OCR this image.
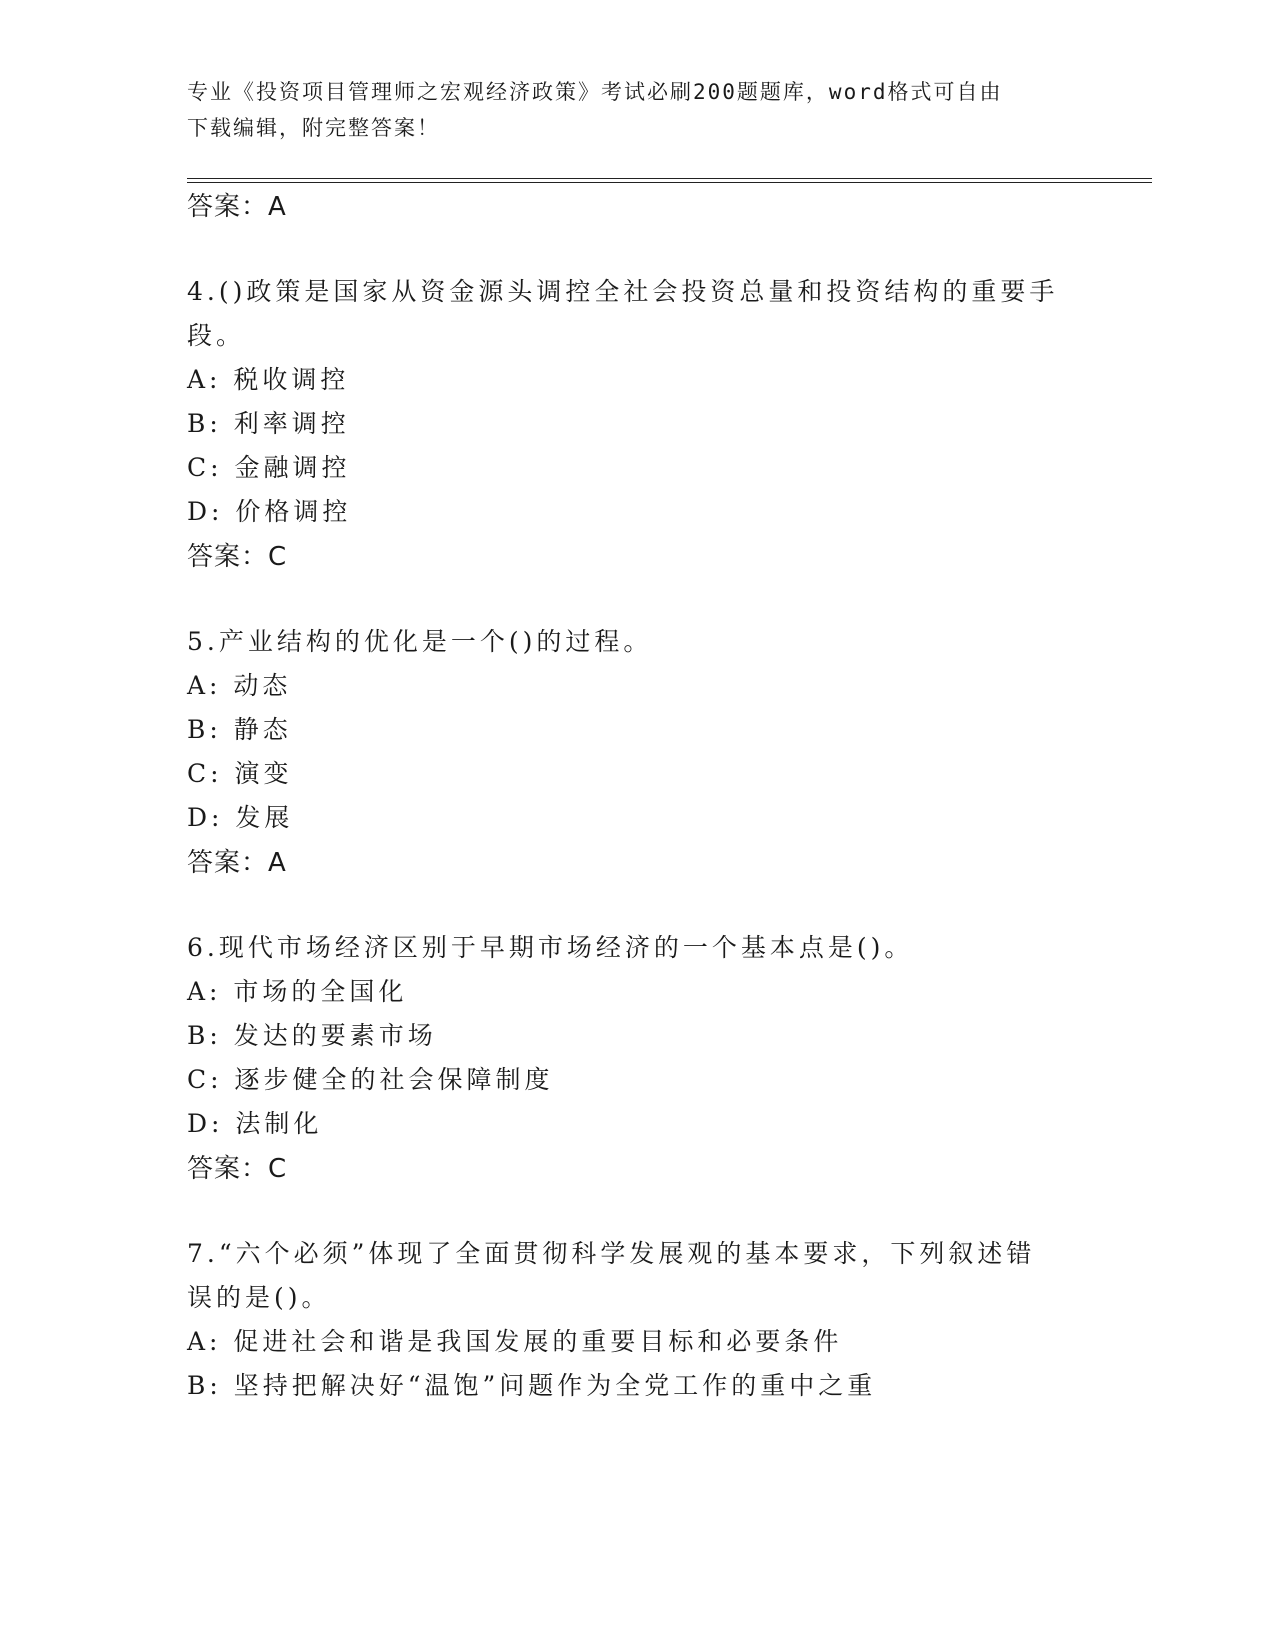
专业《投资项目管理师之宏观经济政策》考试必刷200题题库，word格式可自由
下载编辑，附完整答案！
答案：A
4.()政策是国家从资金源头调控全社会投资总量和投资结构的重要手
段。
A: 税收调控
B: 利率调控
C: 金融调控
D: 价格调控
答案：C
5.产业结构的优化是一个()的过程。
A: 动态
B: 静态
C: 演变
D: 发展
答案：A
6.现代市场经济区别于早期市场经济的一个基本点是()。
A: 市场的全国化
B: 发达的要素市场
C: 逐步健全的社会保障制度
D: 法制化
答案：C
7.“六个必须”体现了全面贯彻科学发展观的基本要求，下列叙述错
误的是()。
A: 促进社会和谐是我国发展的重要目标和必要条件
B: 坚持把解决好“温饱”问题作为全党工作的重中之重
